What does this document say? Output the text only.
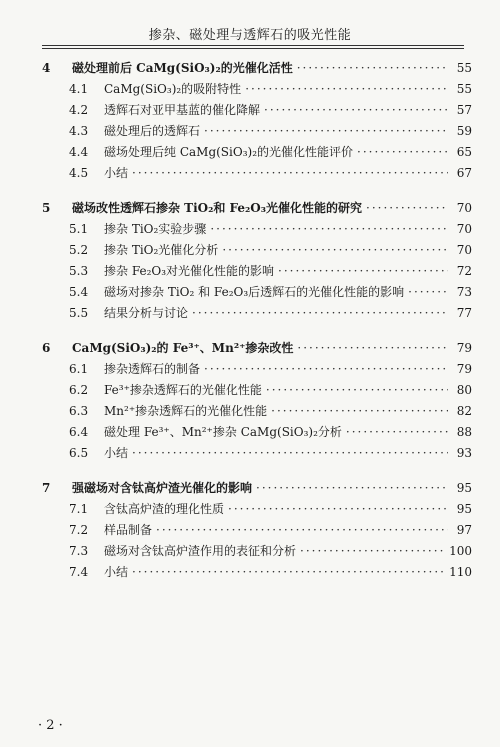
掺杂、磁处理与透辉石的吸光性能
4	磁处理前后 CaMg(SiO₃)₂的光催化活性 ·····	55
4.1	CaMg(SiO₃)₂的吸附特性 ·····	55
4.2	透辉石对亚甲基蓝的催化降解 ·····	57
4.3	磁处理后的透辉石 ·····	59
4.4	磁场处理后纯 CaMg(SiO₃)₂的光催化性能评价 ·····	65
4.5	小结 ·····	67
5	磁场改性透辉石掺杂 TiO₂和 Fe₂O₃光催化性能的研究 ·····	70
5.1	掺杂 TiO₂实验步骤 ·····	70
5.2	掺杂 TiO₂光催化分析 ·····	70
5.3	掺杂 Fe₂O₃对光催化性能的影响 ·····	72
5.4	磁场对掺杂 TiO₂ 和 Fe₂O₃后透辉石的光催化性能的影响 ·····	73
5.5	结果分析与讨论 ·····	77
6	CaMg(SiO₃)₂的 Fe³⁺、Mn²⁺掺杂改性 ·····	79
6.1	掺杂透辉石的制备 ·····	79
6.2	Fe³⁺掺杂透辉石的光催化性能 ·····	80
6.3	Mn²⁺掺杂透辉石的光催化性能 ·····	82
6.4	磁处理 Fe³⁺、Mn²⁺掺杂 CaMg(SiO₃)₂分析 ·····	88
6.5	小结 ·····	93
7	强磁场对含钛高炉渣光催化的影响 ·····	95
7.1	含钛高炉渣的理化性质 ·····	95
7.2	样品制备 ·····	97
7.3	磁场对含钛高炉渣作用的表征和分析 ·····	100
7.4	小结 ·····	110
· 2 ·
